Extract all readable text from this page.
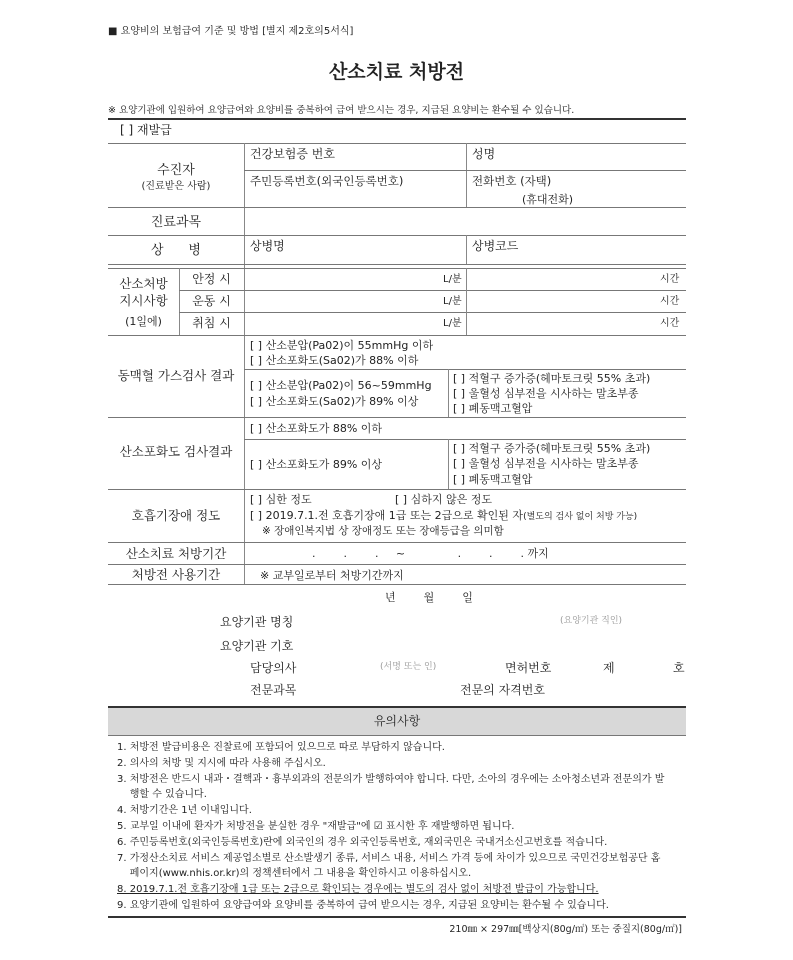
■ 요양비의 보험급여 기준 및 방법 [별지 제2호의5서식]
산소치료 처방전
※ 요양기관에 입원하여 요양급여와 요양비를 중복하여 급여 받으시는 경우, 지급된 요양비는 환수될 수 있습니다.
[ ] 재발급
수진자
(진료받은 사람)
건강보험증 번호	성명
주민등록번호(외국인등록번호)	전화번호 (자택)
(휴대전화)
진료과목
상      병	상병명	상병코드
산소처방
지시사항
(1일에)
안정 시	L/분	시간
운동 시	L/분	시간
취침 시	L/분	시간
동맥혈 가스검사 결과
[ ] 산소분압(Pa02)이 55mmHg 이하
[ ] 산소포화도(Sa02)가 88% 이하
[ ] 산소분압(Pa02)이 56~59mmHg
[ ] 산소포화도(Sa02)가 89% 이상
[ ] 적혈구 증가증(헤마토크릿 55% 초과)
[ ] 울혈성 심부전을 시사하는 말초부종
[ ] 폐동맥고혈압
산소포화도 검사결과
[ ] 산소포화도가 88% 이하
[ ] 산소포화도가 89% 이상
[ ] 적혈구 증가증(헤마토크릿 55% 초과)
[ ] 울혈성 심부전을 시사하는 말초부종
[ ] 폐동맥고혈압
호흡기장애 정도
[ ] 심한 정도	[ ] 심하지 않은 정도
[ ] 2019.7.1.전 호흡기장애 1급 또는 2급으로 확인된 자(별도의 검사 없이 처방 가능)
※ 장애인복지법 상 장애정도 또는 장애등급을 의미함
산소치료 처방기간	.        .        .     ~               .        .        . 까지
처방전 사용기간	※ 교부일로부터 처방기간까지
년        월        일
요양기관 명칭	(요양기관 직인)
요양기관 기호
담당의사	(서명 또는 인)	면허번호	제	호
전문과목	전문의 자격번호
유의사항
1. 처방전 발급비용은 진찰료에 포함되어 있으므로 따로 부담하지 않습니다.
2. 의사의 처방 및 지시에 따라 사용해 주십시오.
3. 처방전은 반드시 내과・결핵과・흉부외과의 전문의가 발행하여야 합니다. 다만, 소아의 경우에는 소아청소년과 전문의가 발
행할 수 있습니다.
4. 처방기간은 1년 이내입니다.
5. 교부일 이내에 환자가 처방전을 분실한 경우 "재발급"에 ☑ 표시한 후 재발행하면 됩니다.
6. 주민등록번호(외국인등록번호)란에 외국인의 경우 외국인등록번호, 재외국민은 국내거소신고번호를 적습니다.
7. 가정산소치료 서비스 제공업소별로 산소발생기 종류, 서비스 내용, 서비스 가격 등에 차이가 있으므로 국민건강보험공단 홈
페이지(www.nhis.or.kr)의 정책센터에서 그 내용을 확인하시고 이용하십시오.
8. 2019.7.1.전 호흡기장애 1급 또는 2급으로 확인되는 경우에는 별도의 검사 없이 처방전 발급이 가능합니다.
9. 요양기관에 입원하여 요양급여와 요양비를 중복하여 급여 받으시는 경우, 지급된 요양비는 환수될 수 있습니다.
210㎜ × 297㎜[백상지(80g/㎡) 또는 중질지(80g/㎡)]
